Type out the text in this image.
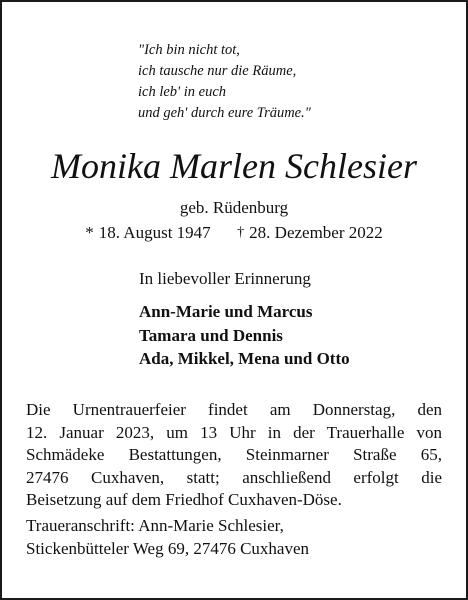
"Ich bin nicht tot,
ich tausche nur die Räume,
ich leb' in euch
und geh' durch eure Träume."
Monika Marlen Schlesier
geb. Rüdenburg
* 18. August 1947 † 28. Dezember 2022
In liebevoller Erinnerung
Ann-Marie und Marcus
Tamara und Dennis
Ada, Mikkel, Mena und Otto
Die Urnentrauerfeier findet am Donnerstag, den
12. Januar 2023, um 13 Uhr in der Trauerhalle von
Schmädeke Bestattungen, Steinmarner Straße 65,
27476 Cuxhaven, statt; anschließend erfolgt die
Beisetzung auf dem Friedhof Cuxhaven-Döse.
Traueranschrift: Ann-Marie Schlesier,
Stickenbütteler Weg 69, 27476 Cuxhaven
